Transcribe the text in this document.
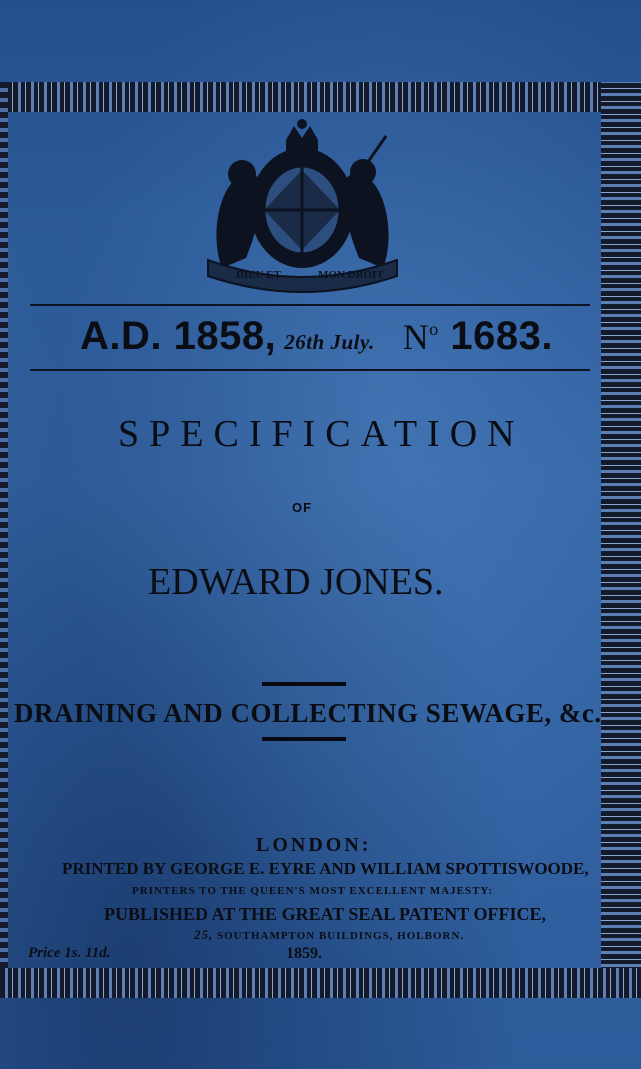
DIEU ET	MON DROIT
A.D. 1858, 26th July. $N^o$ 1683.
SPECIFICATION
OF
EDWARD JONES.
DRAINING AND COLLECTING SEWAGE, &c.
LONDON:
PRINTED BY GEORGE E. EYRE AND WILLIAM SPOTTISWOODE,
PRINTERS TO THE QUEEN'S MOST EXCELLENT MAJESTY:
PUBLISHED AT THE GREAT SEAL PATENT OFFICE,
25, SOUTHAMPTON BUILDINGS, HOLBORN.
Price 1s. 11d.	1859.
